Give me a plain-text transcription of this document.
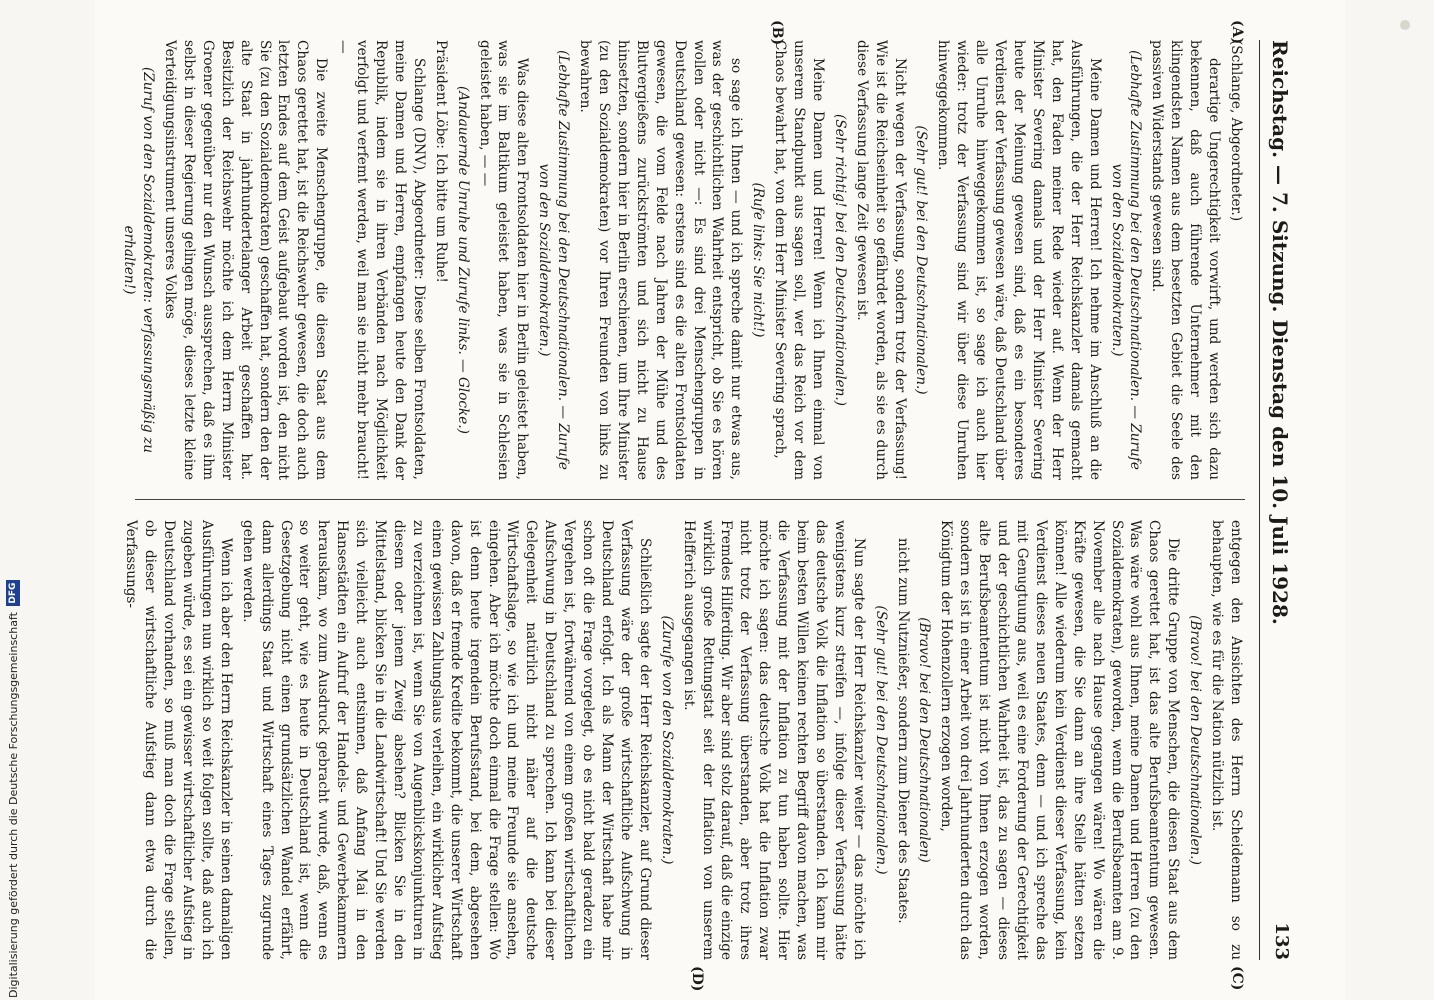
Reichstag. — 7. Sitzung. Dienstag den 10. Juli 1928.
133
(A)
(B)
(C)
(D)

(Schlange, Abgeordneter.)

derartige Ungerechtigkeit vorwirft, und werden sich dazu bekennen, daß auch führende Unternehmer mit den klingendsten Namen aus dem besetzten Gebiet die Seele des passiven Widerstands gewesen sind.

(Lebhafte Zustimmung bei den Deutschnationalen. — Zurufe von den Sozialdemokraten.)

Meine Damen und Herren! Ich nehme im Anschluß an die Ausführungen, die der Herr Reichskanzler damals gemacht hat, den Faden meiner Rede wieder auf. Wenn der Herr Minister Severing damals und der Herr Minister Severing heute der Meinung gewesen sind, daß es ein besonderes Verdienst der Verfassung gewesen wäre, daß Deutschland über alle Unruhe hinweggekommen ist, so sage ich auch hier wieder: trotz der Verfassung sind wir über diese Unruhen hinweggekommen.

(Sehr gut! bei den Deutschnationalen.)

Nicht wegen der Verfassung, sondern trotz der Verfassung! Wie ist die Reichseinheit so gefährdet worden, als sie es durch diese Verfassung lange Zeit gewesen ist.

(Sehr richtig! bei den Deutschnationalen.)

Meine Damen und Herren! Wenn ich Ihnen einmal von unserem Standpunkt aus sagen soll, wer das Reich vor dem Chaos bewahrt hat, von dem Herr Minister Severing sprach,

(Rufe links: Sie nicht!)

so sage ich Ihnen — und ich spreche damit nur etwas aus, was der geschichtlichen Wahrheit entspricht, ob Sie es hören wollen oder nicht —: Es sind drei Menschengruppen in Deutschland gewesen: erstens sind es die alten Frontsoldaten gewesen, die vom Felde nach Jahren der Mühe und des Blutvergießens zurückströmten und sich nicht zu Hause hinsetzten, sondern hier in Berlin erschienen, um Ihre Minister (zu den Sozialdemokraten) vor Ihren Freunden von links zu bewahren.

(Lebhafte Zustimmung bei den Deutschnationalen. — Zurufe von den Sozialdemokraten.)

Was diese alten Frontsoldaten hier in Berlin geleistet haben, was sie im Baltikum geleistet haben, was sie in Schlesien geleistet haben, — —

(Andauernde Unruhe und Zurufe links. — Glocke.)

Präsident Löbe: Ich bitte um Ruhe!

Schlange (DNV), Abgeordneter: Diese selben Frontsoldaten, meine Damen und Herren, empfangen heute den Dank der Republik, indem sie in ihren Verbänden nach Möglichkeit verfolgt und verfemt werden, weil man sie nicht mehr braucht! —

Die zweite Menschengruppe, die diesen Staat aus dem Chaos gerettet hat, ist die Reichswehr gewesen, die doch auch letzten Endes auf dem Geist aufgebaut worden ist, den nicht Sie (zu den Sozialdemokraten) geschaffen hat, sondern den der alte Staat in jahrhundertelanger Arbeit geschaffen hat. Besitzlich der Reichswehr möchte ich dem Herrn Minister Groener gegenüber nur den Wunsch aussprechen, daß es ihm selbst in dieser Regierung gelingen möge, dieses letzte kleine Verteidigungsinstrument unseres Volkes

(Zuruf von den Sozialdemokraten: verfassungsmäßig zu erhalten!)

entgegen den Ansichten des Herrn Scheidemann so zu behaupten, wie es für die Nation nützlich ist.

(Bravo! bei den Deutschnationalen.)

Die dritte Gruppe von Menschen, die diesen Staat aus dem Chaos gerettet hat, ist das alte Berufsbeamtentum gewesen. Was wäre wohl aus Ihnen, meine Damen und Herren (zu den Sozialdemokraten), geworden, wenn die Berufsbeamten am 9. November alle nach Hause gegangen wären! Wo wären die Kräfte gewesen, die Sie dann an ihre Stelle hätten setzen können! Alle wiederum kein Verdienst dieser Verfassung, kein Verdienst dieses neuen Staates, denn — und ich spreche das mit Genugtuung aus, weil es eine Forderung der Gerechtigkeit und der geschichtlichen Wahrheit ist, das zu sagen — dieses alte Berufsbeamtentum ist nicht von Ihnen erzogen worden, sondern es ist in einer Arbeit von drei Jahrhunderten durch das Königtum der Hohenzollern erzogen worden,

(Bravo! bei den Deutschnationalen)

nicht zum Nutznießer, sondern zum Diener des Staates.

(Sehr gut! bei den Deutschnationalen.)

Nun sagte der Herr Reichskanzler weiter — das möchte ich wenigstens kurz streifen —, infolge dieser Verfassung hätte das deutsche Volk die Inflation so überstanden. Ich kann mir beim besten Willen keinen rechten Begriff davon machen, was die Verfassung mit der Inflation zu tun haben sollte. Hier möchte ich sagen: das deutsche Volk hat die Inflation zwar nicht trotz der Verfassung überstanden, aber trotz ihres Fremdes Hilferding. Wir aber sind stolz darauf, daß die einzige wirklich große Rettungstat seit der Inflation von unserem Helfferich ausgegangen ist.

(Zurufe von den Sozialdemokraten.)

Schließlich sagte der Herr Reichskanzler, auf Grund dieser Verfassung wäre der große wirtschaftliche Aufschwung in Deutschland erfolgt. Ich als Mann der Wirtschaft habe mir schon oft die Frage vorgelegt, ob es nicht bald geradezu ein Vergehen ist, fortwährend von einem großen wirtschaftlichen Aufschwung in Deutschland zu sprechen. Ich kann bei dieser Gelegenheit natürlich nicht näher auf die deutsche Wirtschaftslage, so wie ich und meine Freunde sie ansehen, eingehen. Aber ich möchte doch einmal die Frage stellen: Wo ist denn heute irgendein Berufsstand, bei dem, abgesehen davon, daß er fremde Kredite bekommt, die unserer Wirtschaft einen gewissen Zahlungslaus verleihen, ein wirklicher Aufstieg zu verzeichnen ist, wenn Sie von Augenblickskonjunkturen in diesem oder jenem Zweig absehen? Blicken Sie in den Mittelstand, blicken Sie in die Landwirtschaft! Und Sie werden sich vielleicht auch entsinnen, daß Anfang Mai in den Hansestädten ein Aufruf der Handels- und Gewerbekammern herauskam, wo zum Ausdruck gebracht wurde, daß, wenn es so weiter geht, wie es heute in Deutschland ist, wenn die Gesetzgebung nicht einen grundsätzlichen Wandel erfährt, dann allerdings Staat und Wirtschaft eines Tages zugrunde gehen werden.

Wenn ich aber den Herrn Reichskanzler in seinen damaligen Ausführungen nun wirklich so weit folgen sollte, daß auch ich zugeben würde, es sei ein gewisser wirtschaftlicher Aufstieg in Deutschland vorhanden, so muß man doch die Frage stellen, ob dieser wirtschaftliche Aufstieg dann etwa durch die Verfassungs-

Digitalisierung gefördert durch die Deutsche Forschungsgemeinschaft
DFG
